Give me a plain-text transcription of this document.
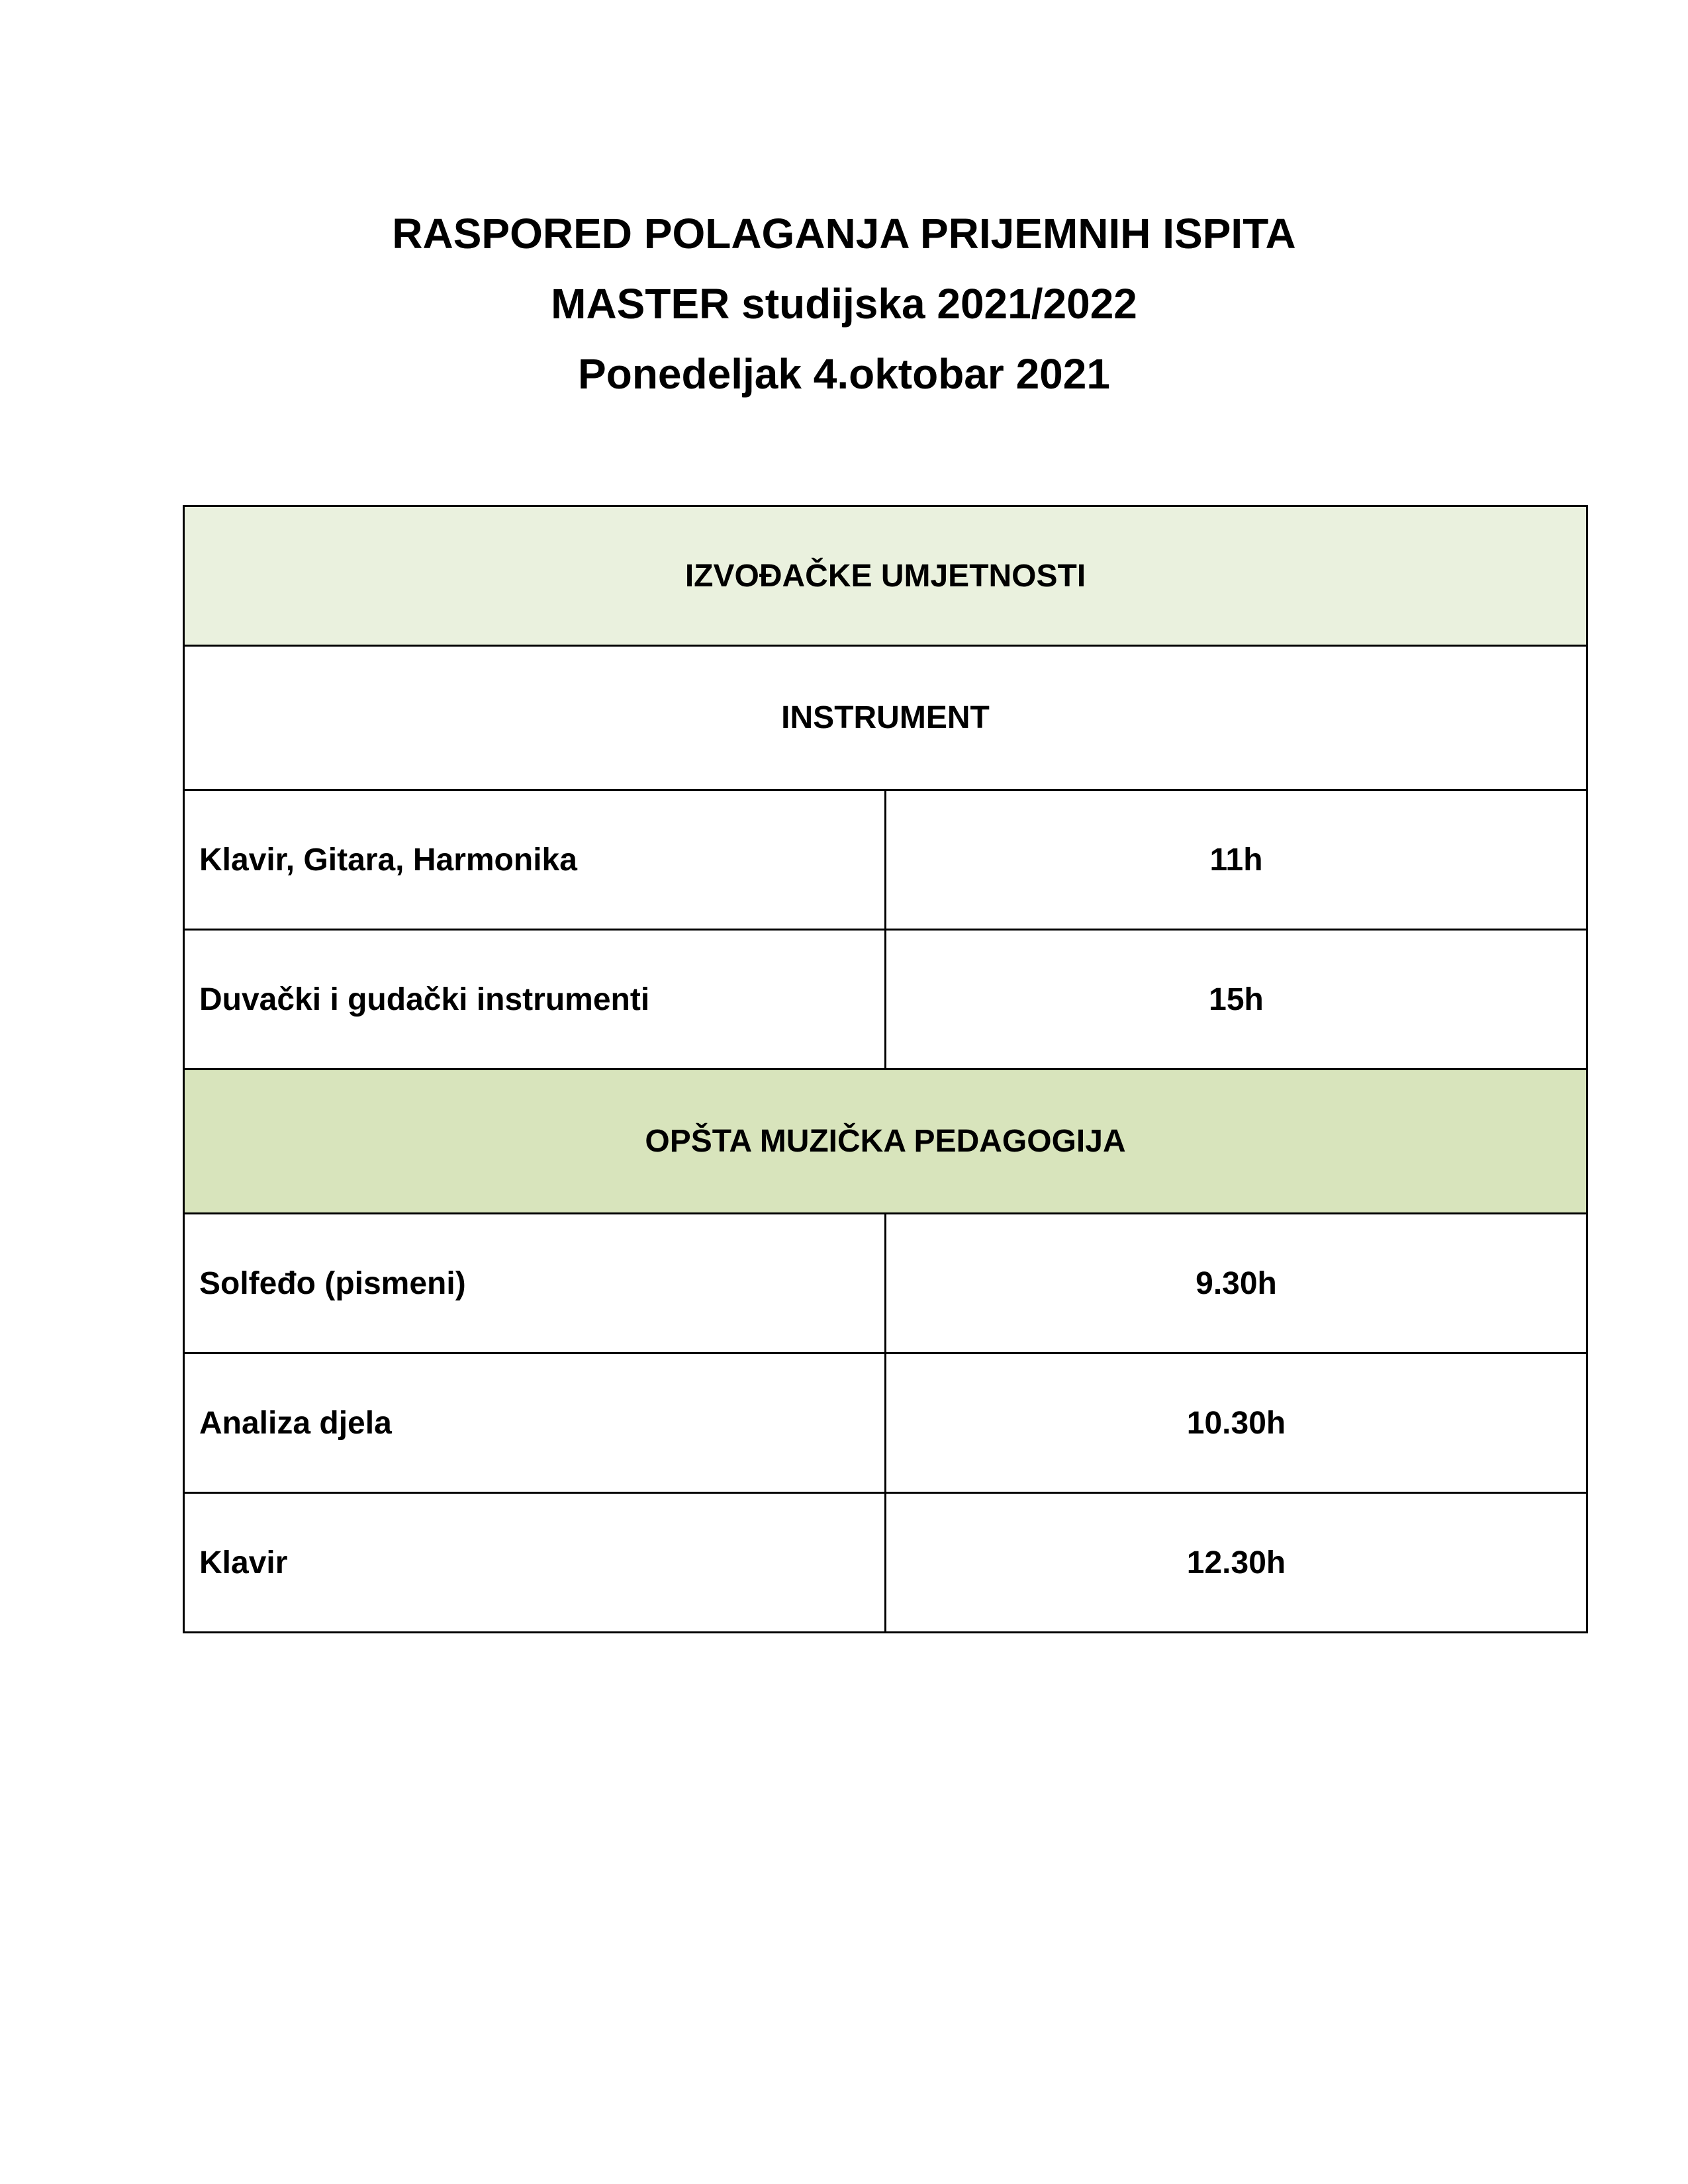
RASPORED POLAGANJA PRIJEMNIH ISPITA
MASTER studijska 2021/2022
Ponedeljak 4.oktobar 2021
IZVOĐAČKE UMJETNOSTI	
INSTRUMENT	
Klavir, Gitara, Harmonika	11h
Duvački i gudački instrumenti	15h
OPŠTA MUZIČKA PEDAGOGIJA	
Solfeđo (pismeni)	9.30h
Analiza djela	10.30h
Klavir	12.30h
